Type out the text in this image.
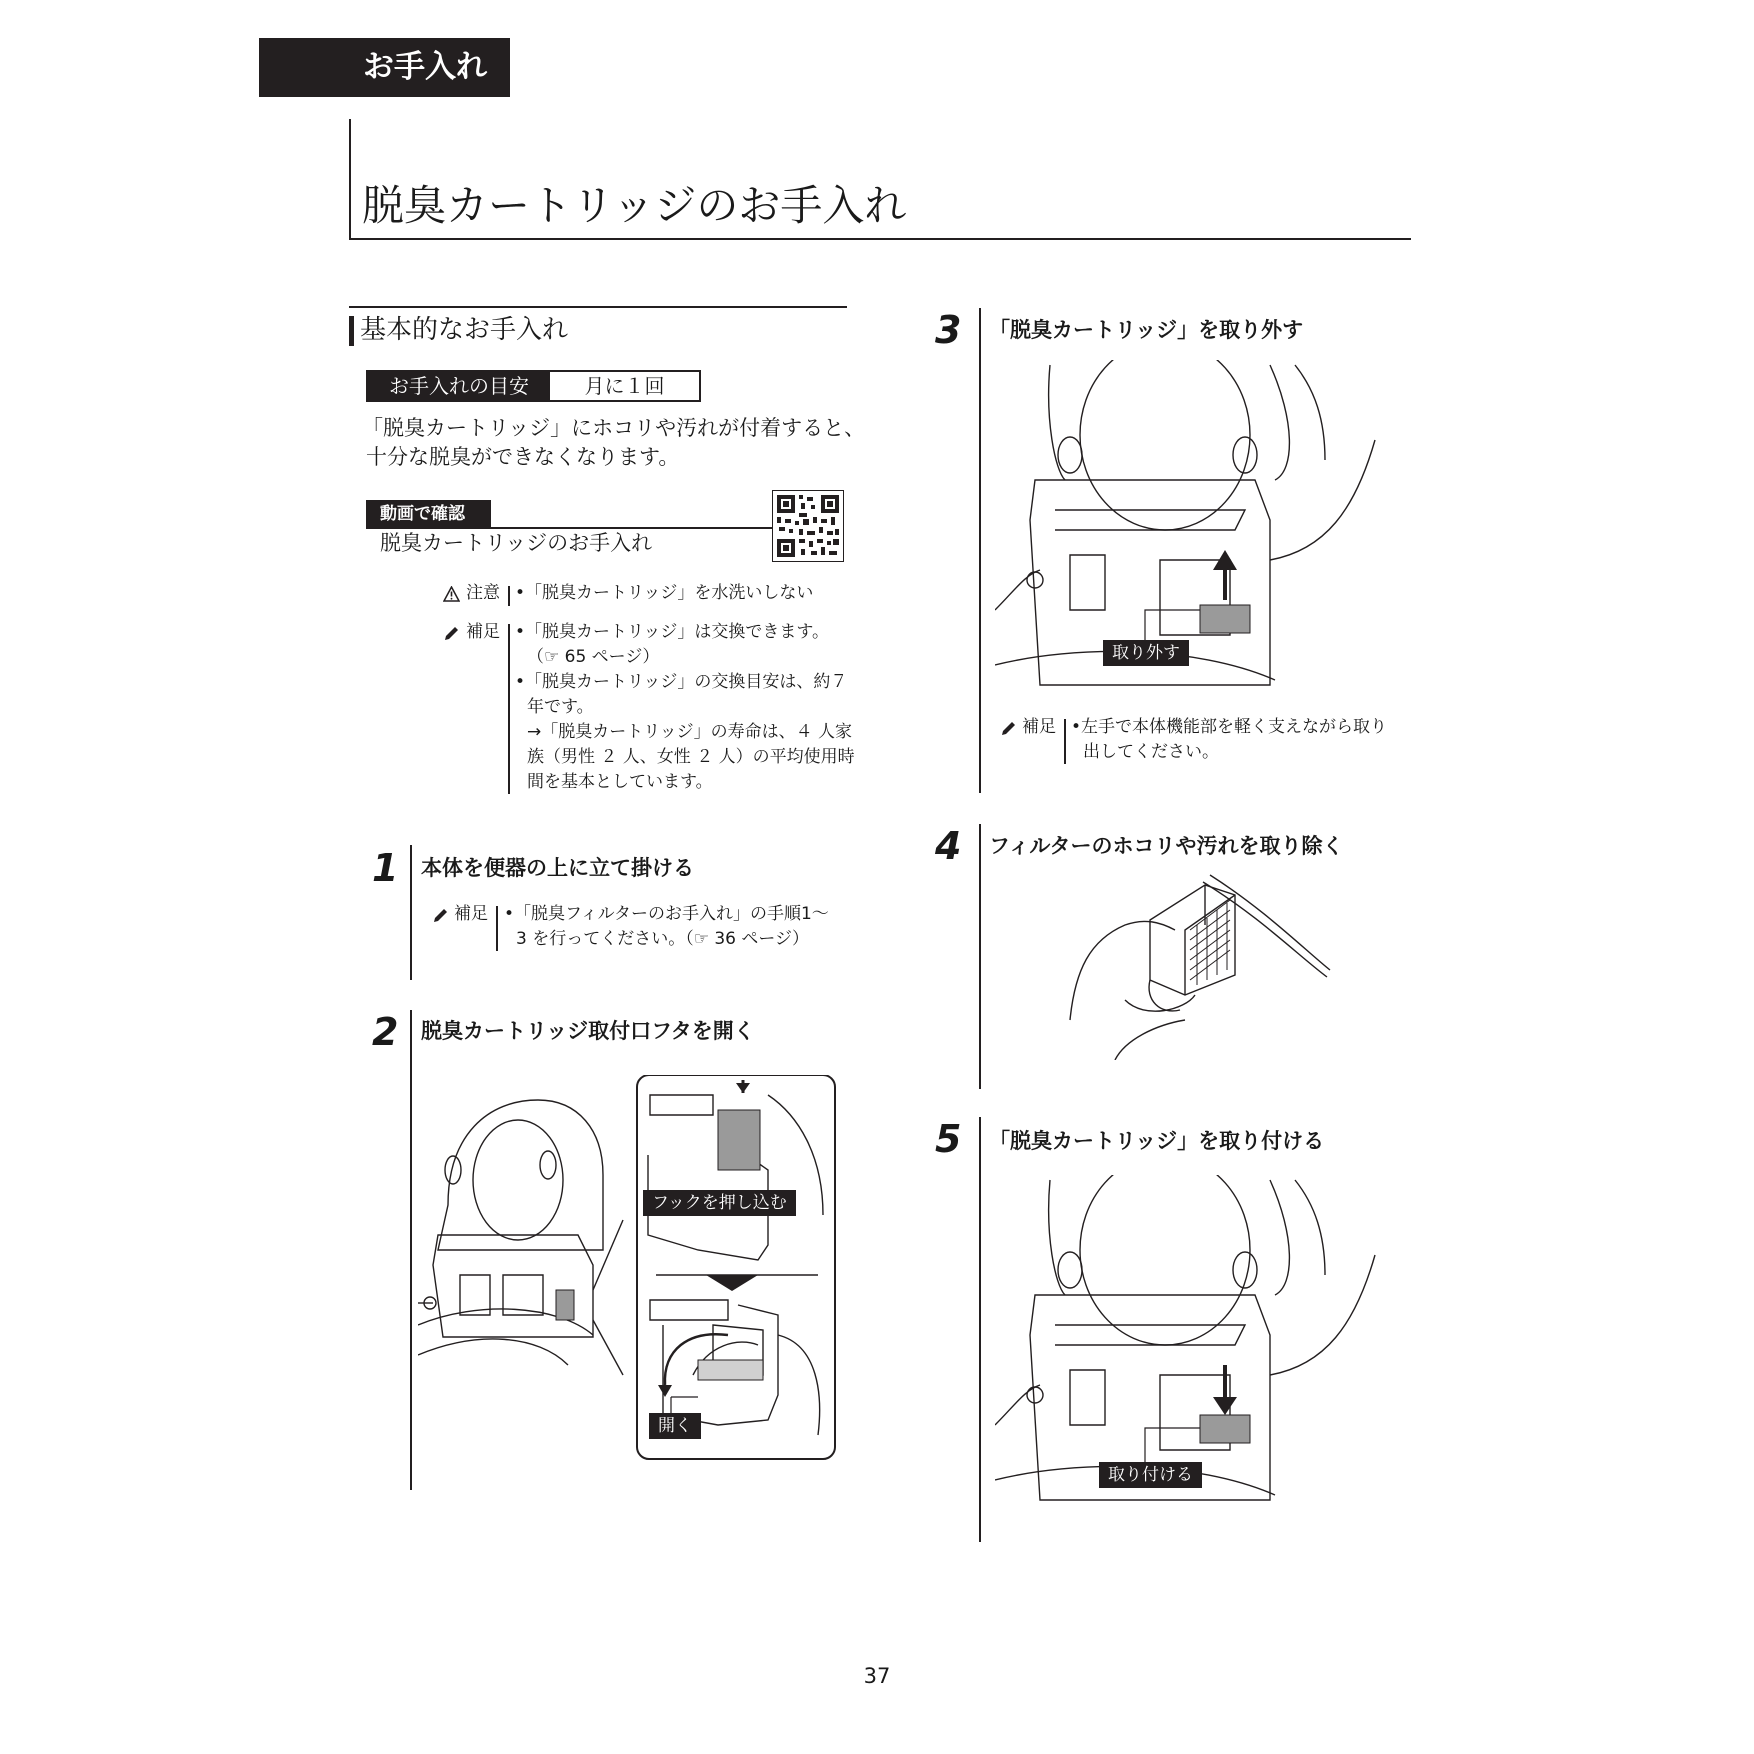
お手入れ
脱臭カートリッジのお手入れ
基本的なお手入れ
お手入れの目安	月に１回
「脱臭カートリッジ」にホコリや汚れが付着すると、
十分な脱臭ができなくなります。
動画で確認
脱臭カートリッジのお手入れ
注意 •「脱臭カートリッジ」を水洗いしない
補足 •「脱臭カートリッジ」は交換できます。
（☞ 65 ページ）
•「脱臭カートリッジ」の交換目安は、約７
年です。
→「脱臭カートリッジ」の寿命は、４ 人家
族（男性 ２ 人、女性 ２ 人）の平均使用時
間を基本としています。
1 本体を便器の上に立て掛ける
補足 •「脱臭フィルターのお手入れ」の手順1～
3 を行ってください。（☞ 36 ページ）
2 脱臭カートリッジ取付口フタを開く
フックを押し込む
開く
3 「脱臭カートリッジ」を取り外す
取り外す
補足 •左手で本体機能部を軽く支えながら取り
出してください。
4 フィルターのホコリや汚れを取り除く
5 「脱臭カートリッジ」を取り付ける
取り付ける
37
